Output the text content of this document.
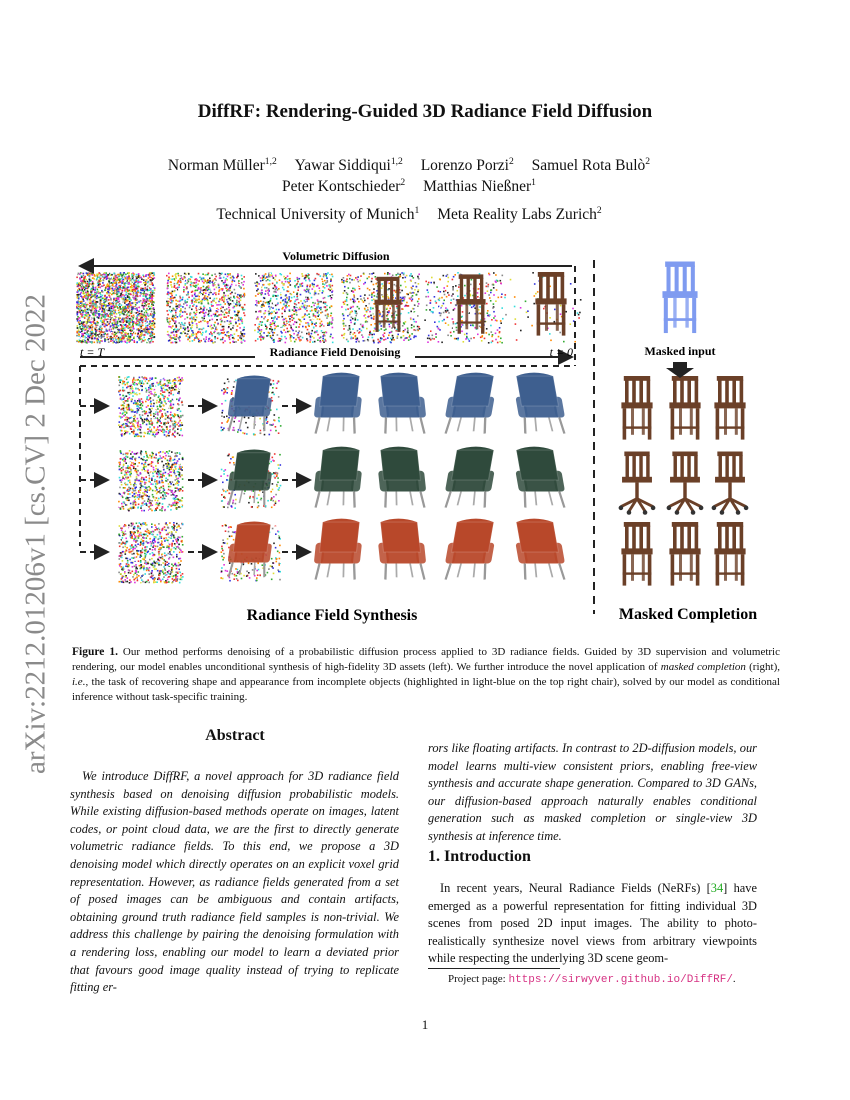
DiffRF: Rendering-Guided 3D Radiance Field Diffusion
Norman Müller$^{1,2}$ Yawar Siddiqui$^{1,2}$ Lorenzo Porzi$^2$ Samuel Rota Bulò$^2$
Peter Kontschieder$^2$ Matthias Nießner$^1$
Technical University of Munich$^1$ Meta Reality Labs Zurich$^2$
arXiv:2212.01206v1 [cs.CV] 2 Dec 2022
Volumetric Diffusion
t = T	t = 0
Radiance Field Denoising
Radiance Field Synthesis
Masked input
Masked Completion
Figure 1. Our method performs denoising of a probabilistic diffusion process applied to 3D radiance fields. Guided by 3D supervision and volumetric rendering, our model enables unconditional synthesis of high-fidelity 3D assets (left). We further introduce the novel application of masked completion (right), i.e., the task of recovering shape and appearance from incomplete objects (highlighted in light-blue on the top right chair), solved by our model as conditional inference without task-specific training.
Abstract
We introduce DiffRF, a novel approach for 3D radiance field synthesis based on denoising diffusion probabilistic models. While existing diffusion-based methods operate on images, latent codes, or point cloud data, we are the first to directly generate volumetric radiance fields. To this end, we propose a 3D denoising model which directly operates on an explicit voxel grid representation. However, as radiance fields generated from a set of posed images can be ambiguous and contain artifacts, obtaining ground truth radiance field samples is non-trivial. We address this challenge by pairing the denoising formulation with a rendering loss, enabling our model to learn a deviated prior that favours good image quality instead of trying to replicate fitting er-
rors like floating artifacts. In contrast to 2D-diffusion models, our model learns multi-view consistent priors, enabling free-view synthesis and accurate shape generation. Compared to 3D GANs, our diffusion-based approach naturally enables conditional generation such as masked completion or single-view 3D synthesis at inference time.
1. Introduction
In recent years, Neural Radiance Fields (NeRFs) [34] have emerged as a powerful representation for fitting individual 3D scenes from posed 2D input images. The ability to photo-realistically synthesize novel views from arbitrary viewpoints while respecting the underlying 3D scene geom-
Project page: https://sirwyver.github.io/DiffRF/.
1
